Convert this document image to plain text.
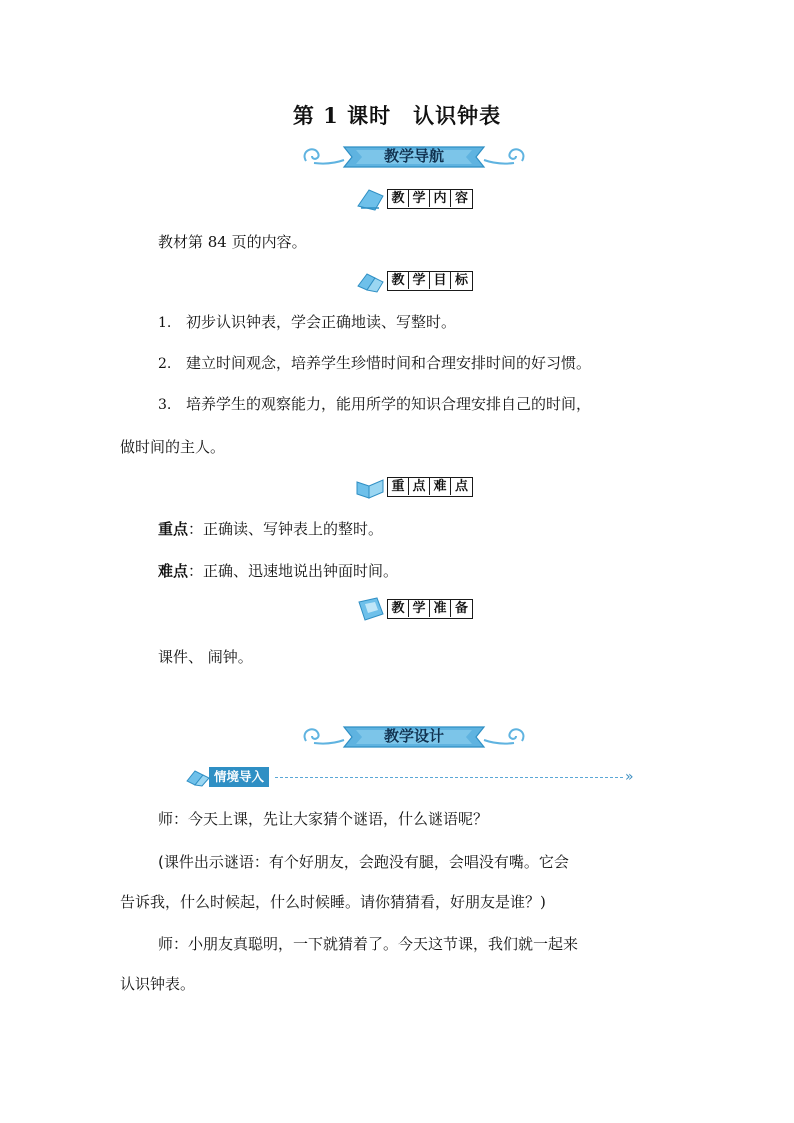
第 1 课时 认识钟表
教学导航
教 学 内 容

教材第 84 页的内容。

教 学 目 标

1. 初步认识钟表，学会正确地读、写整时。

2. 建立时间观念，培养学生珍惜时间和合理安排时间的好习惯。

3. 培养学生的观察能力，能用所学的知识合理安排自己的时间，

做时间的主人。

重 点 难 点

重点：正确读、写钟表上的整时。

难点：正确、迅速地说出钟面时间。

教 学 准 备

课件、 闹钟。

教学设计
情境导入	»

师：今天上课，先让大家猜个谜语，什么谜语呢？

(课件出示谜语：有个好朋友，会跑没有腿，会唱没有嘴。它会

告诉我，什么时候起，什么时候睡。请你猜猜看，好朋友是谁？)

师：小朋友真聪明，一下就猜着了。今天这节课，我们就一起来

认识钟表。
